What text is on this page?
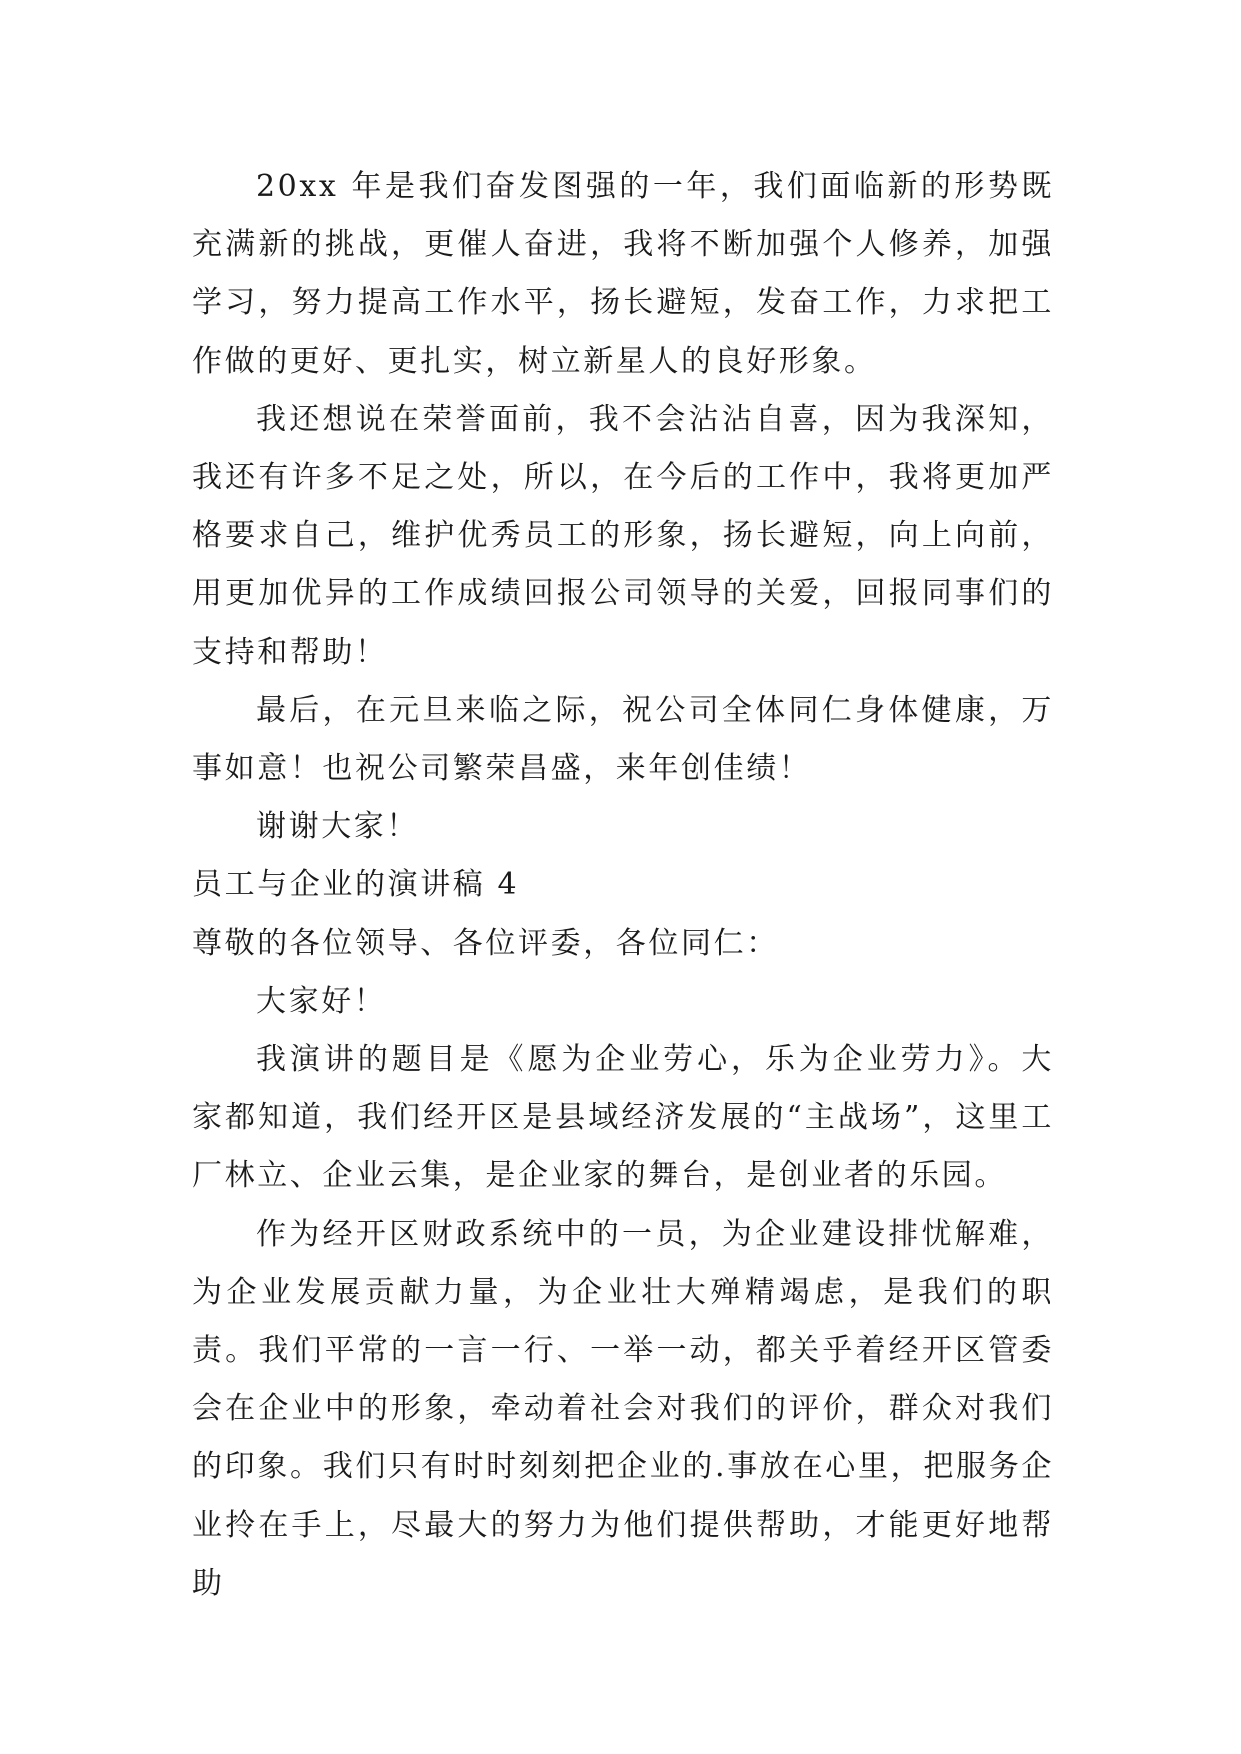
20xx 年是我们奋发图强的一年，我们面临新的形势既充满新的挑战，更催人奋进，我将不断加强个人修养，加强学习，努力提高工作水平，扬长避短，发奋工作，力求把工作做的更好、更扎实，树立新星人的良好形象。

我还想说在荣誉面前，我不会沾沾自喜，因为我深知，我还有许多不足之处，所以，在今后的工作中，我将更加严格要求自己，维护优秀员工的形象，扬长避短，向上向前，用更加优异的工作成绩回报公司领导的关爱，回报同事们的支持和帮助！

最后，在元旦来临之际，祝公司全体同仁身体健康，万事如意！也祝公司繁荣昌盛，来年创佳绩！

谢谢大家！

员工与企业的演讲稿 4

尊敬的各位领导、各位评委，各位同仁：

大家好！

我演讲的题目是《愿为企业劳心，乐为企业劳力》。大家都知道，我们经开区是县域经济发展的“主战场”，这里工厂林立、企业云集，是企业家的舞台，是创业者的乐园。

作为经开区财政系统中的一员，为企业建设排忧解难，为企业发展贡献力量，为企业壮大殚精竭虑，是我们的职责。我们平常的一言一行、一举一动，都关乎着经开区管委会在企业中的形象，牵动着社会对我们的评价，群众对我们的印象。我们只有时时刻刻把企业的.事放在心里，把服务企业拎在手上，尽最大的努力为他们提供帮助，才能更好地帮助
